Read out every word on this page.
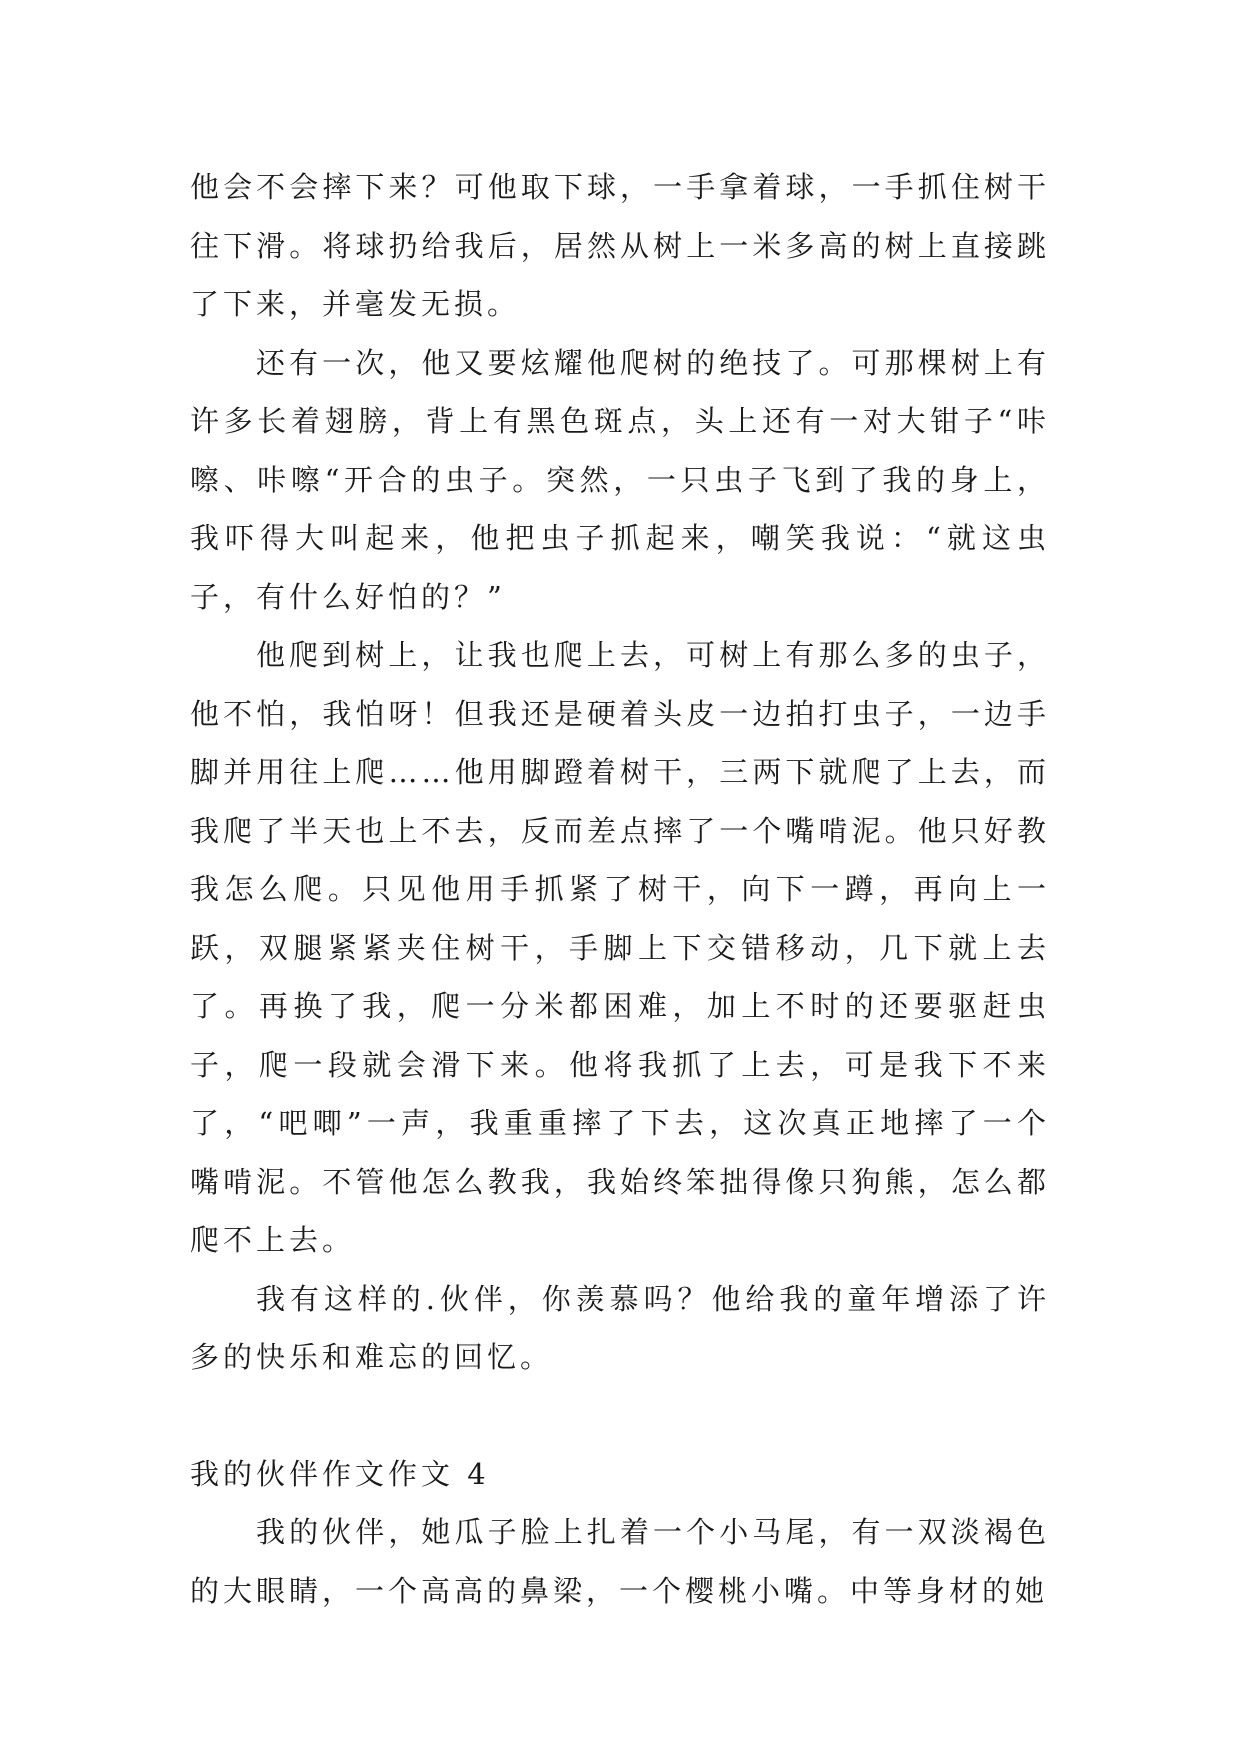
他会不会摔下来？可他取下球，一手拿着球，一手抓住树干往下滑。将球扔给我后，居然从树上一米多高的树上直接跳了下来，并毫发无损。

还有一次，他又要炫耀他爬树的绝技了。可那棵树上有许多长着翅膀，背上有黑色斑点，头上还有一对大钳子“咔嚓、咔嚓“开合的虫子。突然，一只虫子飞到了我的身上，我吓得大叫起来，他把虫子抓起来，嘲笑我说：“就这虫子，有什么好怕的？”

他爬到树上，让我也爬上去，可树上有那么多的虫子，他不怕，我怕呀！但我还是硬着头皮一边拍打虫子，一边手脚并用往上爬……他用脚蹬着树干，三两下就爬了上去，而我爬了半天也上不去，反而差点摔了一个嘴啃泥。他只好教我怎么爬。只见他用手抓紧了树干，向下一蹲，再向上一跃，双腿紧紧夹住树干，手脚上下交错移动，几下就上去了。再换了我，爬一分米都困难，加上不时的还要驱赶虫子，爬一段就会滑下来。他将我抓了上去，可是我下不来了，“吧唧”一声，我重重摔了下去，这次真正地摔了一个嘴啃泥。不管他怎么教我，我始终笨拙得像只狗熊，怎么都爬不上去。

我有这样的.伙伴，你羡慕吗？他给我的童年增添了许多的快乐和难忘的回忆。

我的伙伴作文作文 4

我的伙伴，她瓜子脸上扎着一个小马尾，有一双淡褐色的大眼睛，一个高高的鼻梁，一个樱桃小嘴。中等身材的她
